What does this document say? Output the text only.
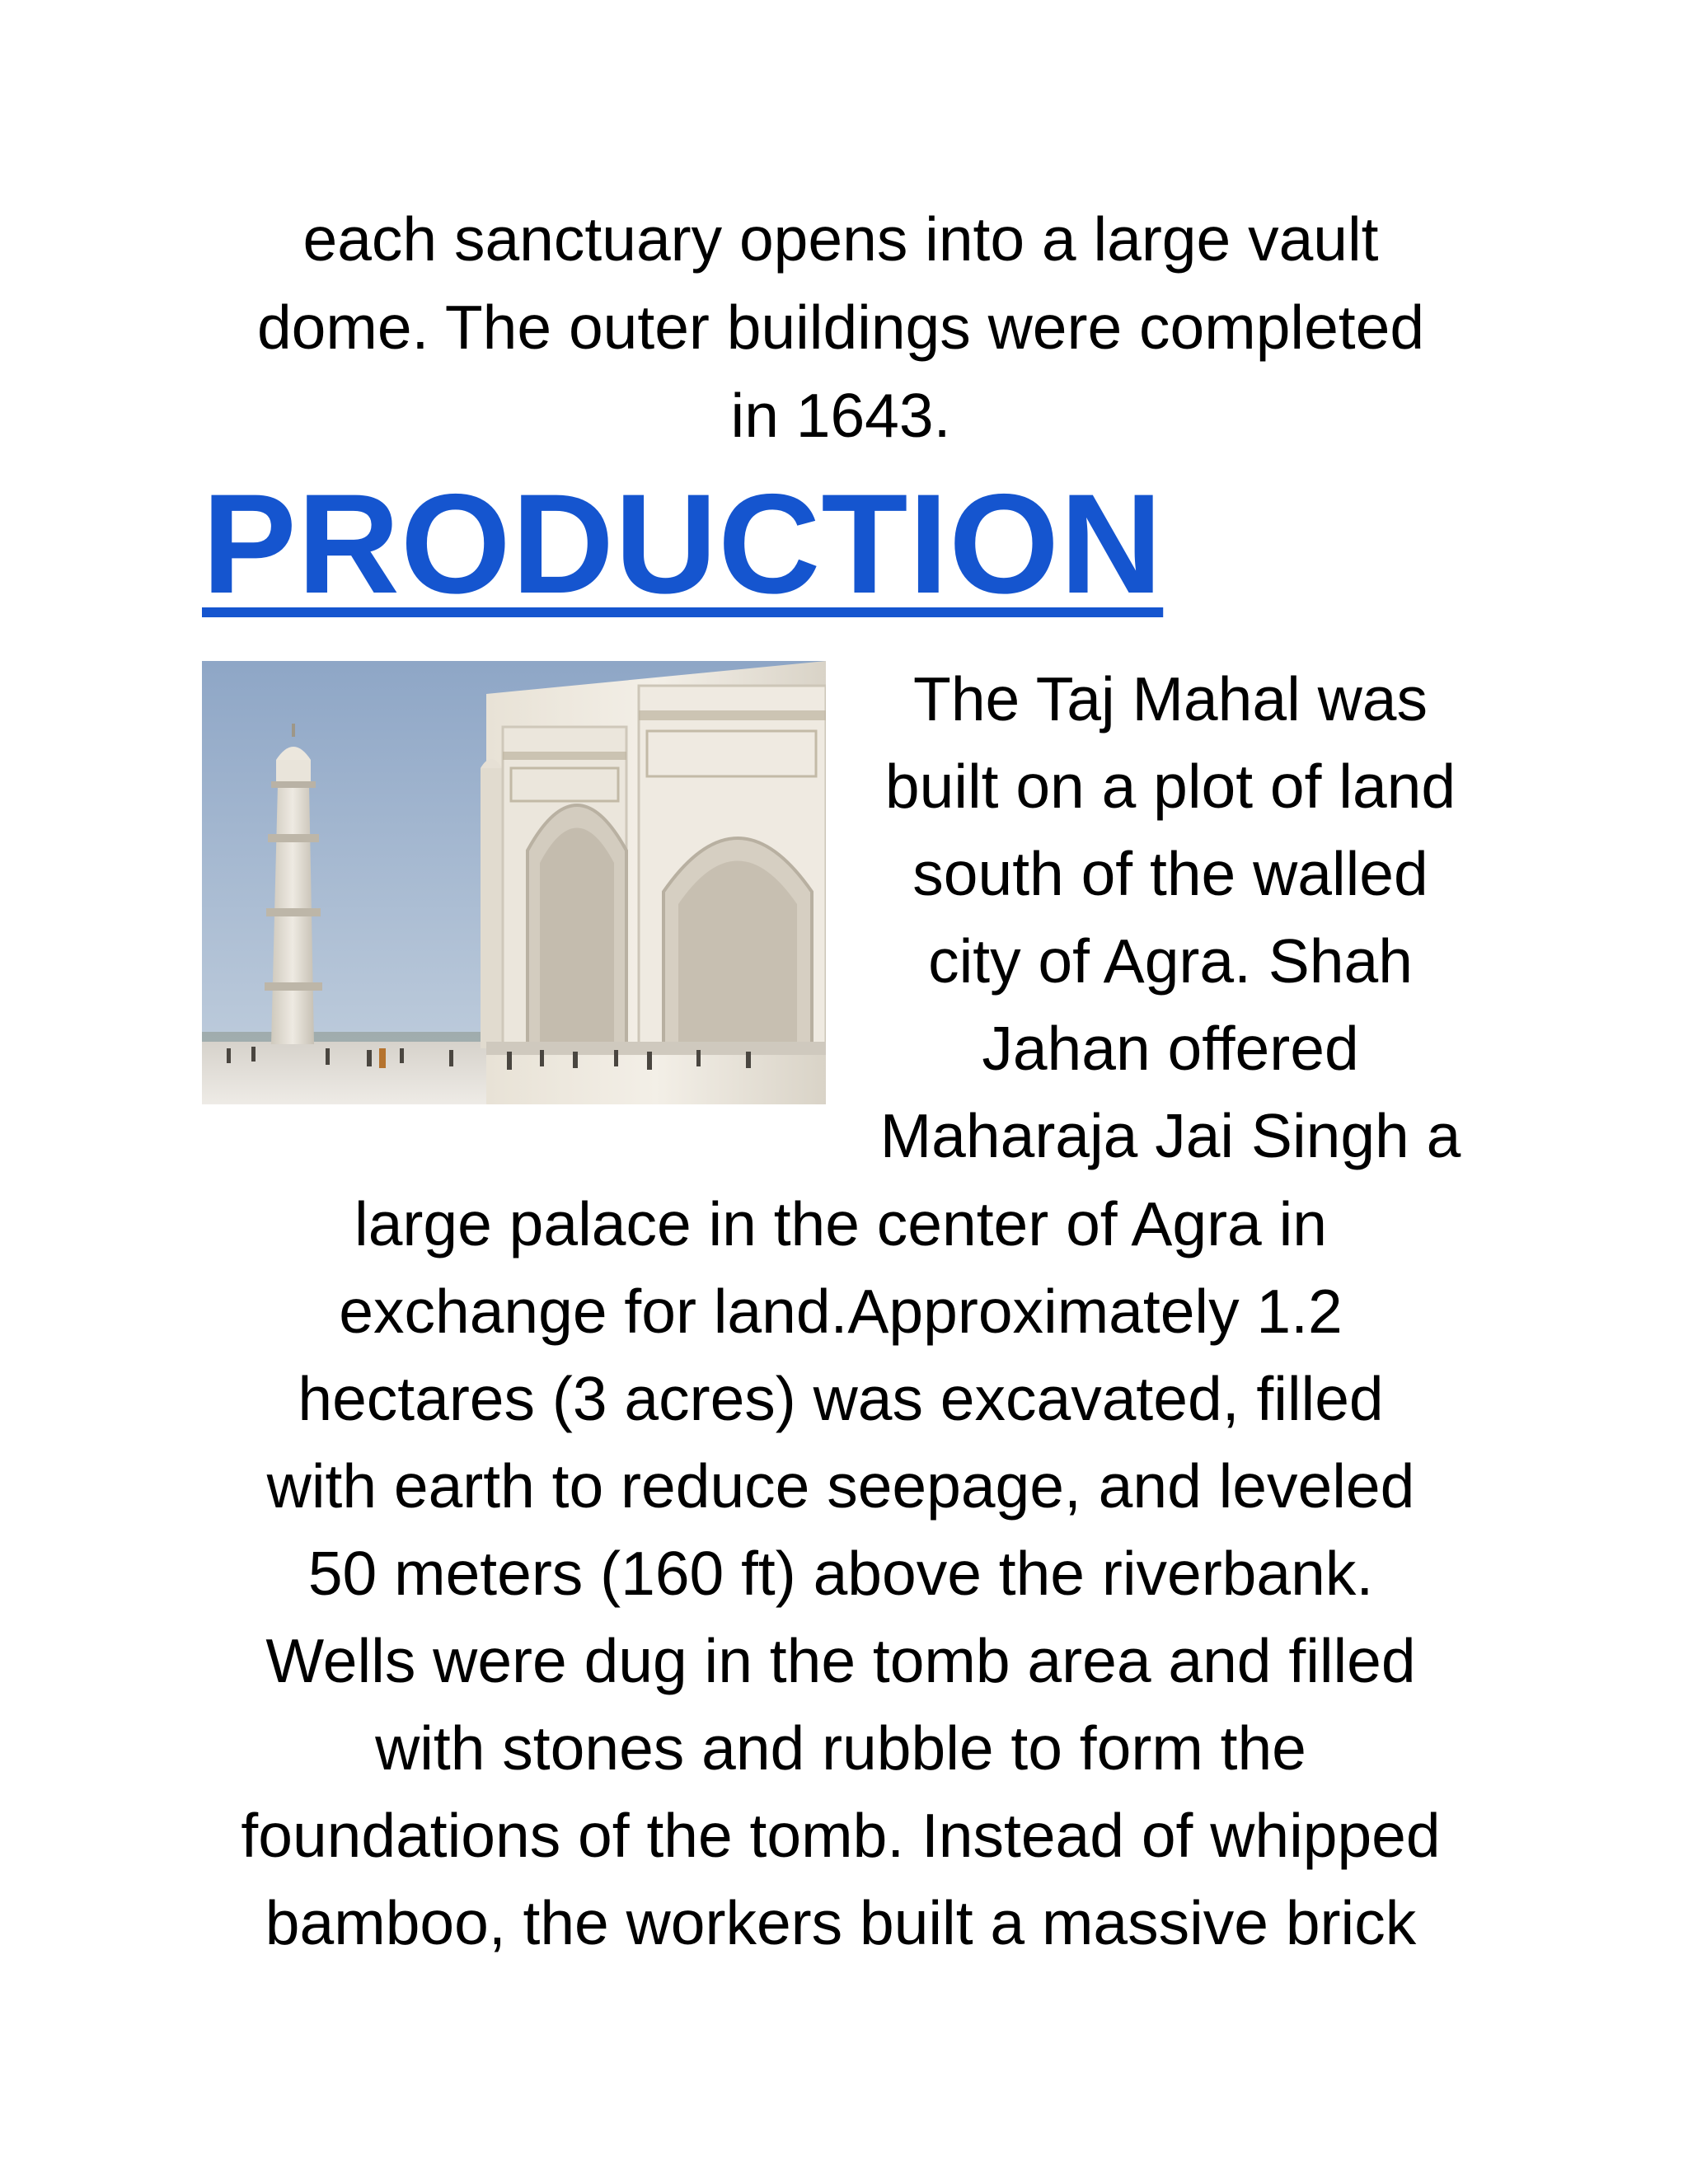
each sanctuary opens into a large vault
dome. The outer buildings were completed
in 1643.
PRODUCTION
The Taj Mahal was
built on a plot of land
south of the walled
city of Agra. Shah
Jahan offered
Maharaja Jai Singh a
large palace in the center of Agra in
exchange for land.Approximately 1.2
hectares (3 acres) was excavated, filled
with earth to reduce seepage, and leveled
50 meters (160 ft) above the riverbank.
Wells were dug in the tomb area and filled
with stones and rubble to form the
foundations of the tomb. Instead of whipped
bamboo, the workers built a massive brick
